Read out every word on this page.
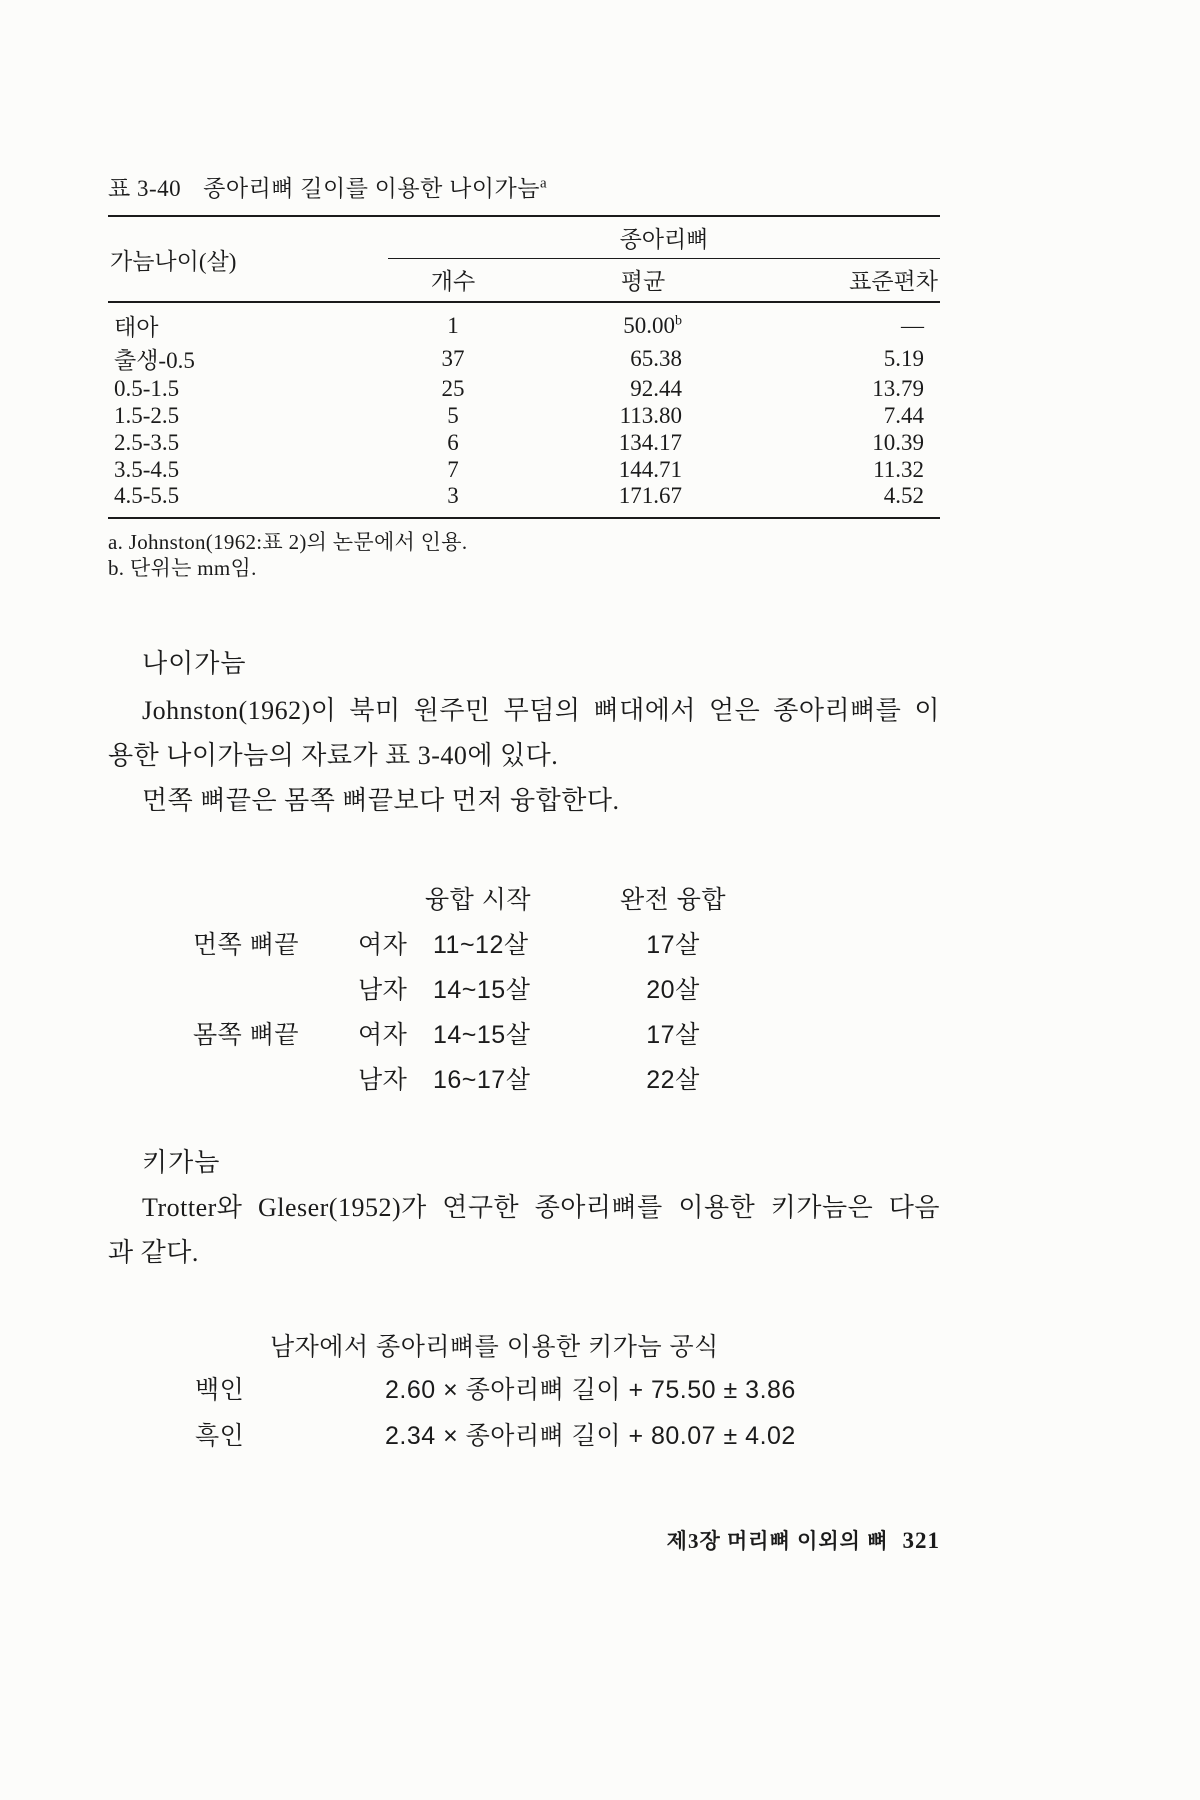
표 3-40 종아리뼈 길이를 이용한 나이가늠$^a$
가늠나이(살)	종아리뼈		
	개수	평균	표준편차
태아	1	50.00$^b$	—
출생-0.5	37	65.38	5.19
0.5-1.5	25	92.44	13.79
1.5-2.5	5	113.80	7.44
2.5-3.5	6	134.17	10.39
3.5-4.5	7	144.71	11.32
4.5-5.5	3	171.67	4.52
a. Johnston(1962:표 2)의 논문에서 인용.
b. 단위는 mm임.
나이가늠
Johnston(1962)이 북미 원주민 무덤의 뼈대에서 얻은 종아리뼈를 이
용한 나이가늠의 자료가 표 3-40에 있다.
먼쪽 뼈끝은 몸쪽 뼈끝보다 먼저 융합한다.
	융합 시작		완전 융합
먼쪽 뼈끝	여자	11~12살	17살
	남자	14~15살	20살
몸쪽 뼈끝	여자	14~15살	17살
	남자	16~17살	22살
키가늠
Trotter와 Gleser(1952)가 연구한 종아리뼈를 이용한 키가늠은 다음
과 같다.
남자에서 종아리뼈를 이용한 키가늠 공식
백인	2.60 × 종아리뼈 길이 + 75.50 ± 3.86
흑인	2.34 × 종아리뼈 길이 + 80.07 ± 4.02
제3장 머리뼈 이외의 뼈 321
